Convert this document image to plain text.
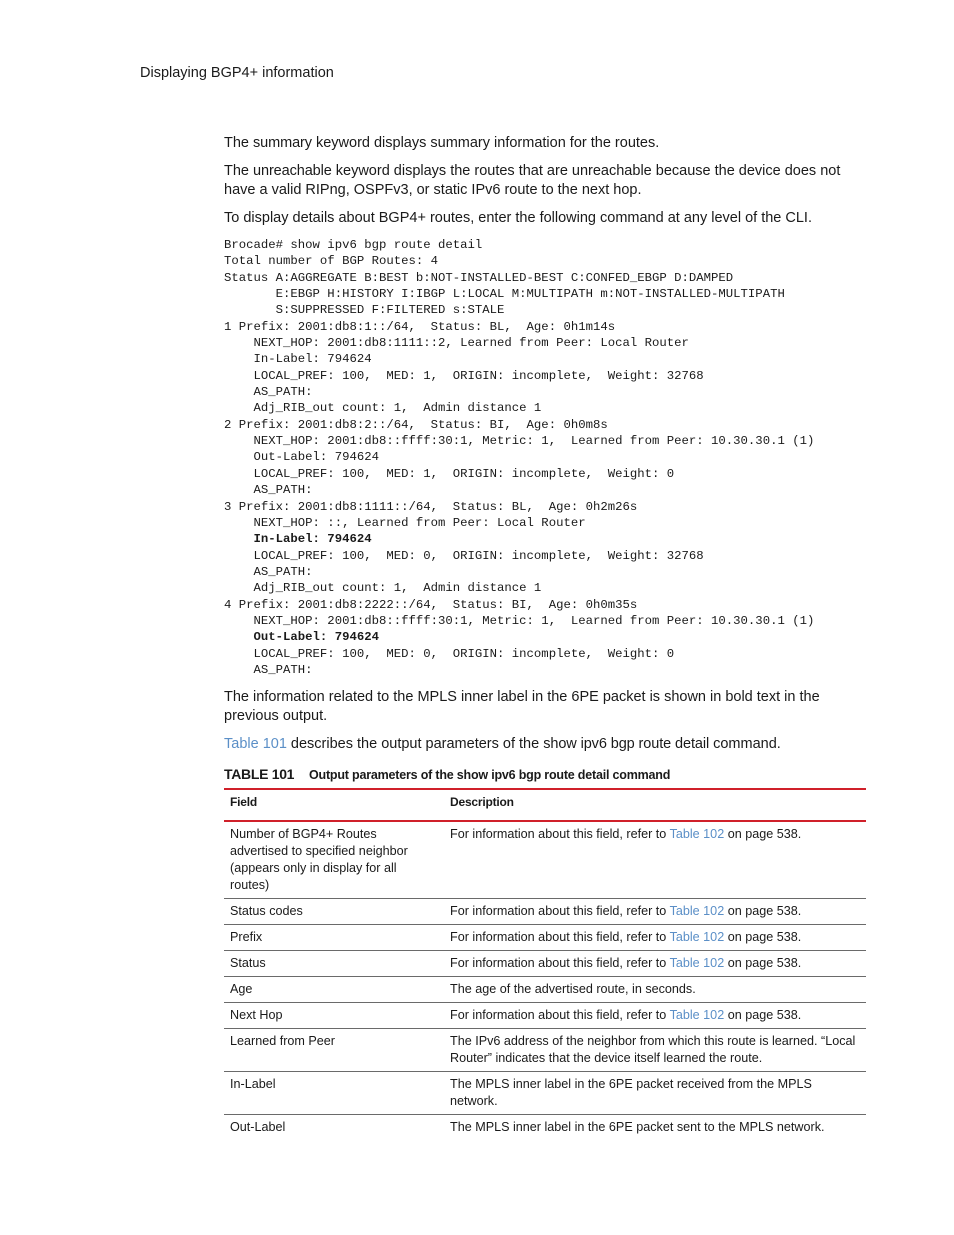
Displaying BGP4+ information

The summary keyword displays summary information for the routes.

The unreachable keyword displays the routes that are unreachable because the device does not have a valid RIPng, OSPFv3, or static IPv6 route to the next hop.

To display details about BGP4+ routes, enter the following command at any level of the CLI.

Brocade# show ipv6 bgp route detail
Total number of BGP Routes: 4
Status A:AGGREGATE B:BEST b:NOT-INSTALLED-BEST C:CONFED_EBGP D:DAMPED
E:EBGP H:HISTORY I:IBGP L:LOCAL M:MULTIPATH m:NOT-INSTALLED-MULTIPATH
S:SUPPRESSED F:FILTERED s:STALE
1 Prefix: 2001:db8:1::/64,  Status: BL,  Age: 0h1m14s
NEXT_HOP: 2001:db8:1111::2, Learned from Peer: Local Router
In-Label: 794624
LOCAL_PREF: 100,  MED: 1,  ORIGIN: incomplete,  Weight: 32768
AS_PATH:
Adj_RIB_out count: 1,  Admin distance 1
2 Prefix: 2001:db8:2::/64,  Status: BI,  Age: 0h0m8s
NEXT_HOP: 2001:db8::ffff:30:1, Metric: 1,  Learned from Peer: 10.30.30.1 (1)
Out-Label: 794624
LOCAL_PREF: 100,  MED: 1,  ORIGIN: incomplete,  Weight: 0
AS_PATH:
3 Prefix: 2001:db8:1111::/64,  Status: BL,  Age: 0h2m26s
NEXT_HOP: ::, Learned from Peer: Local Router
In-Label: 794624
LOCAL_PREF: 100,  MED: 0,  ORIGIN: incomplete,  Weight: 32768
AS_PATH:
Adj_RIB_out count: 1,  Admin distance 1
4 Prefix: 2001:db8:2222::/64,  Status: BI,  Age: 0h0m35s
NEXT_HOP: 2001:db8::ffff:30:1, Metric: 1,  Learned from Peer: 10.30.30.1 (1)
Out-Label: 794624
LOCAL_PREF: 100,  MED: 0,  ORIGIN: incomplete,  Weight: 0
AS_PATH:

The information related to the MPLS inner label in the 6PE packet is shown in bold text in the previous output.

Table 101 describes the output parameters of the show ipv6 bgp route detail command.

TABLE 101	Output parameters of the show ipv6 bgp route detail command
Field	Description
Number of BGP4+ Routes advertised to specified neighbor (appears only in display for all routes)	For information about this field, refer to Table 102 on page 538.
Status codes	For information about this field, refer to Table 102 on page 538.
Prefix	For information about this field, refer to Table 102 on page 538.
Status	For information about this field, refer to Table 102 on page 538.
Age	The age of the advertised route, in seconds.
Next Hop	For information about this field, refer to Table 102 on page 538.
Learned from Peer	The IPv6 address of the neighbor from which this route is learned. “Local Router” indicates that the device itself learned the route.
In-Label	The MPLS inner label in the 6PE packet received from the MPLS network.
Out-Label	The MPLS inner label in the 6PE packet sent to the MPLS network.
